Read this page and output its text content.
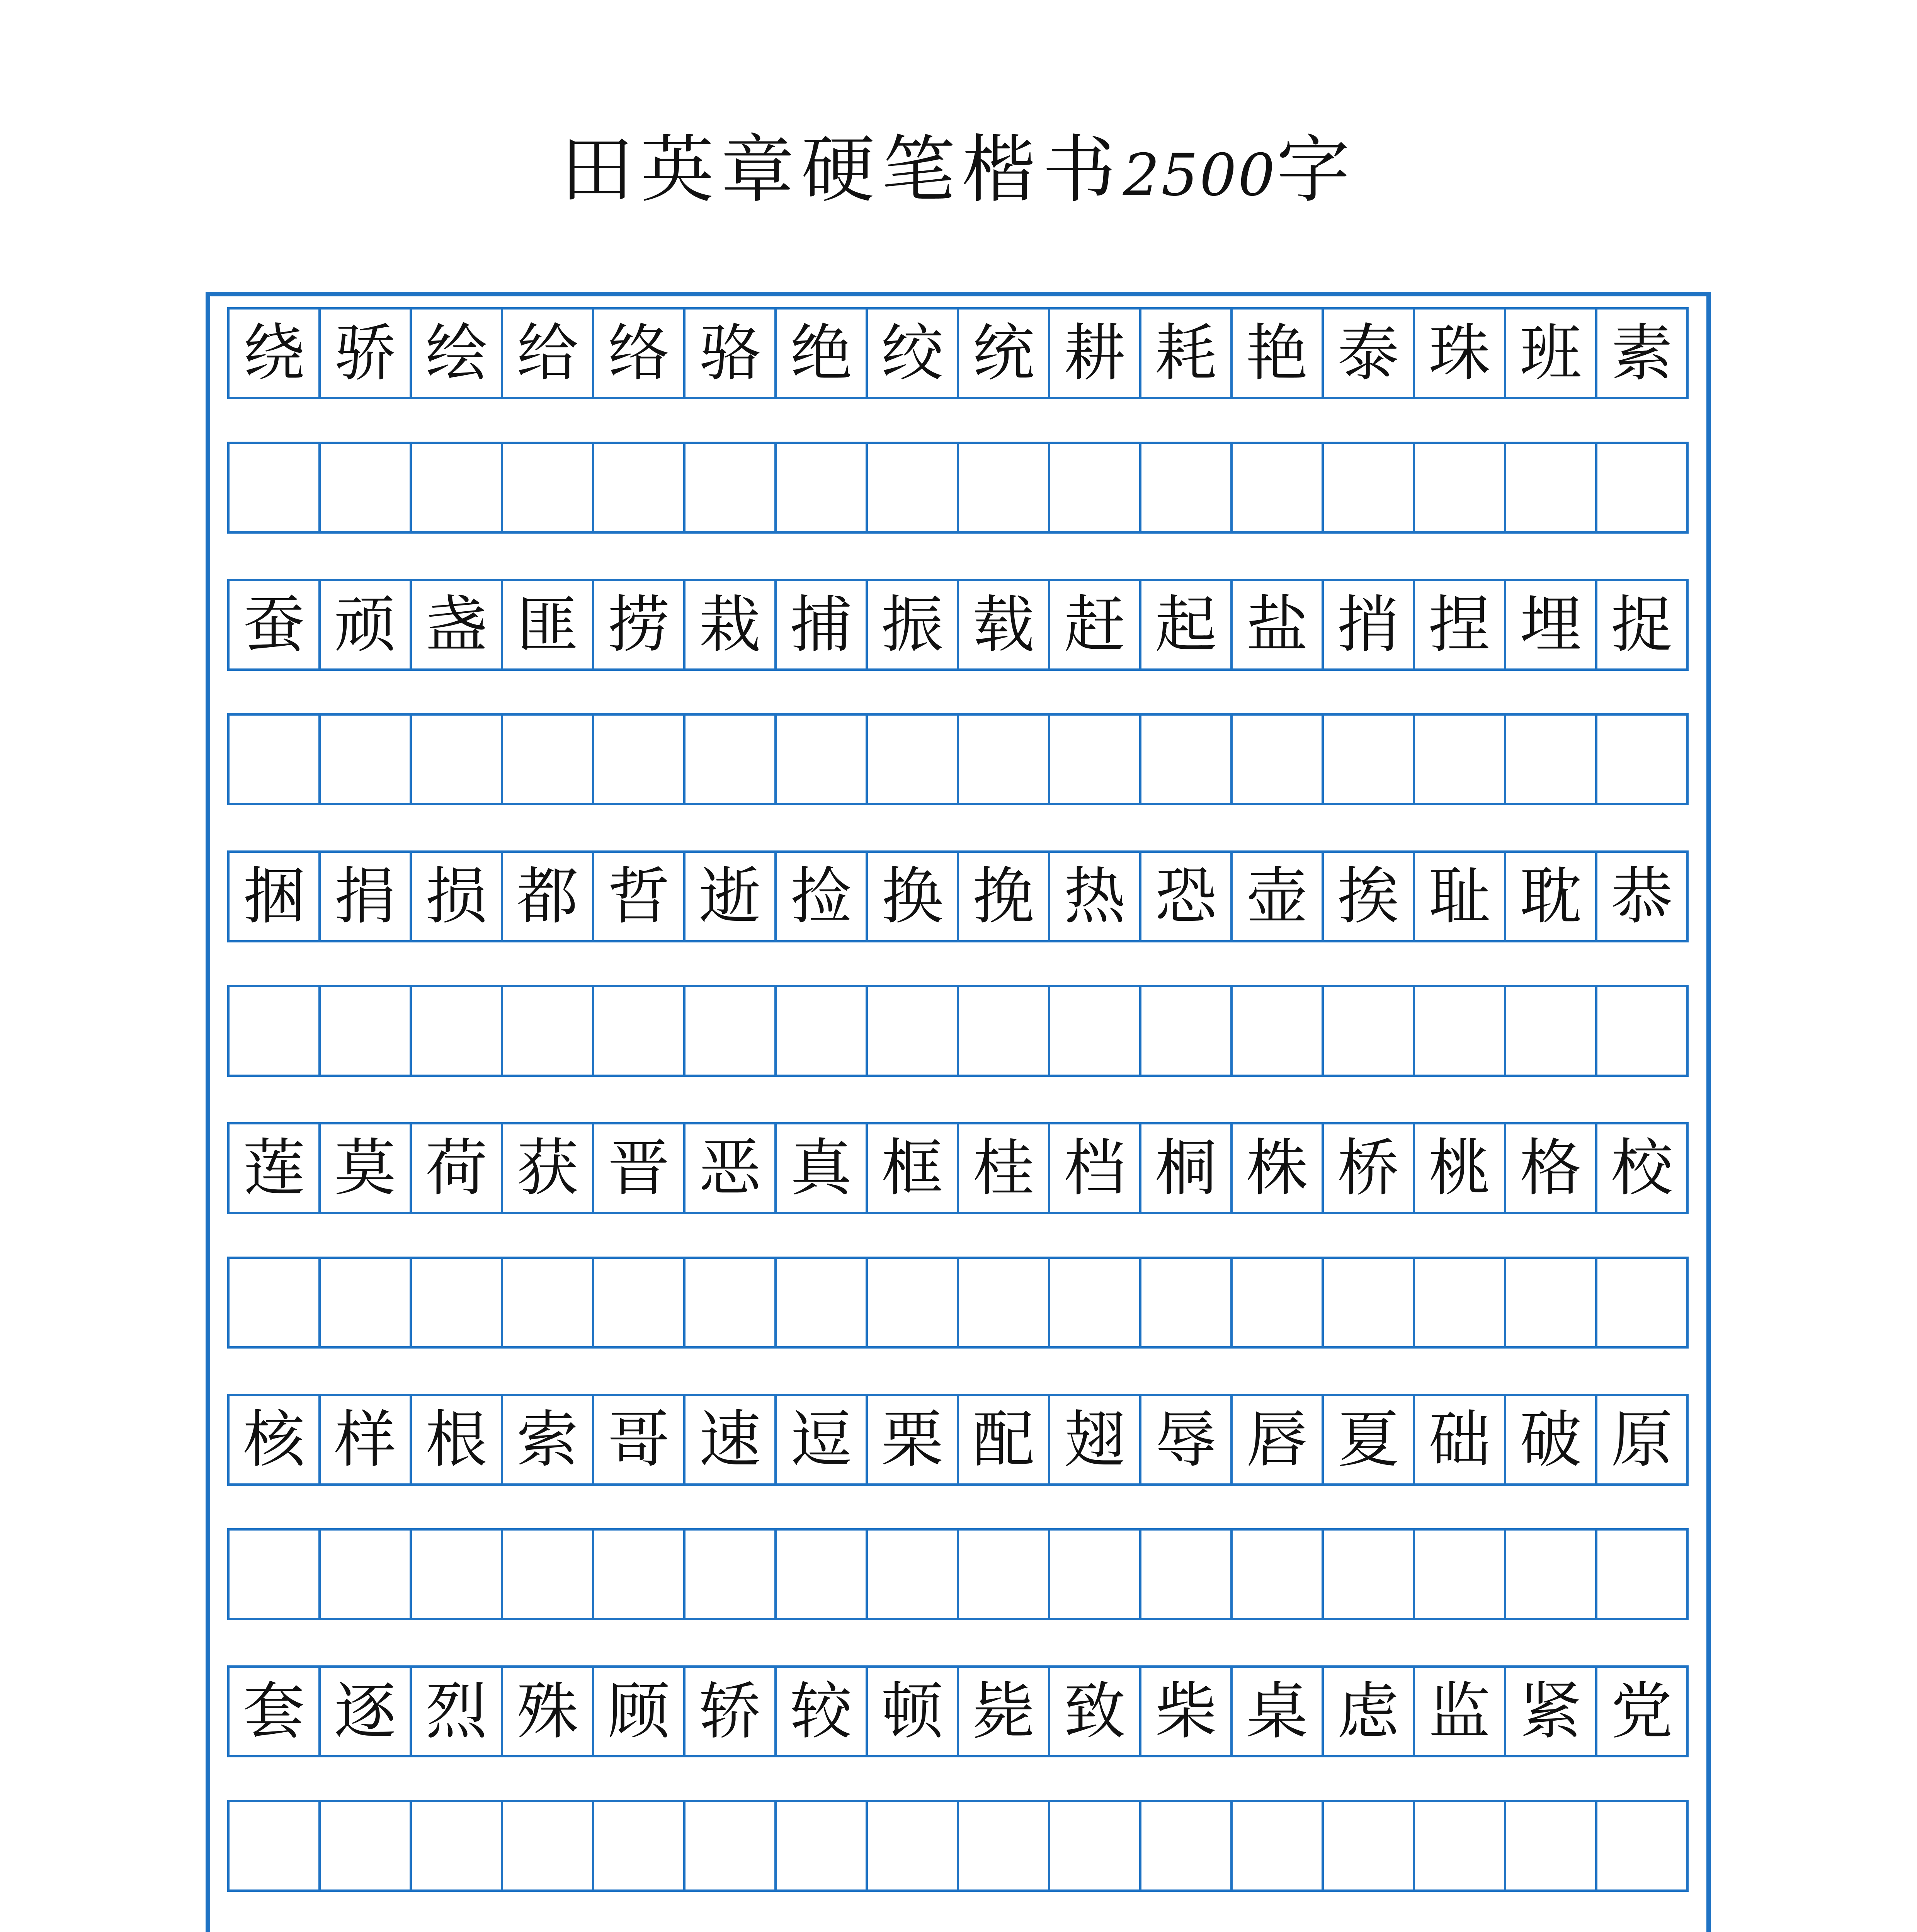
田英章硬笔楷书2500字
绕 骄 绘 给 络 骆 绝 绞 统 耕 耗 艳 泰 珠 班 素
蚕 顽 盏 匪 捞 栽 捕 振 载 赶 起 盐 捎 捏 埋 捉
捆 捐 损 都 哲 逝 捡 换 挽 热 恐 壶 挨 耻 耽 恭
莲 莫 荷 获 晋 恶 真 框 桂 档 桐 株 桥 桃 格 校
核 样 根 索 哥 速 逗 栗 配 翅 辱 唇 夏 础 破 原
套 逐 烈 殊 顾 轿 较 顿 毙 致 柴 桌 虑 监 紧 党
